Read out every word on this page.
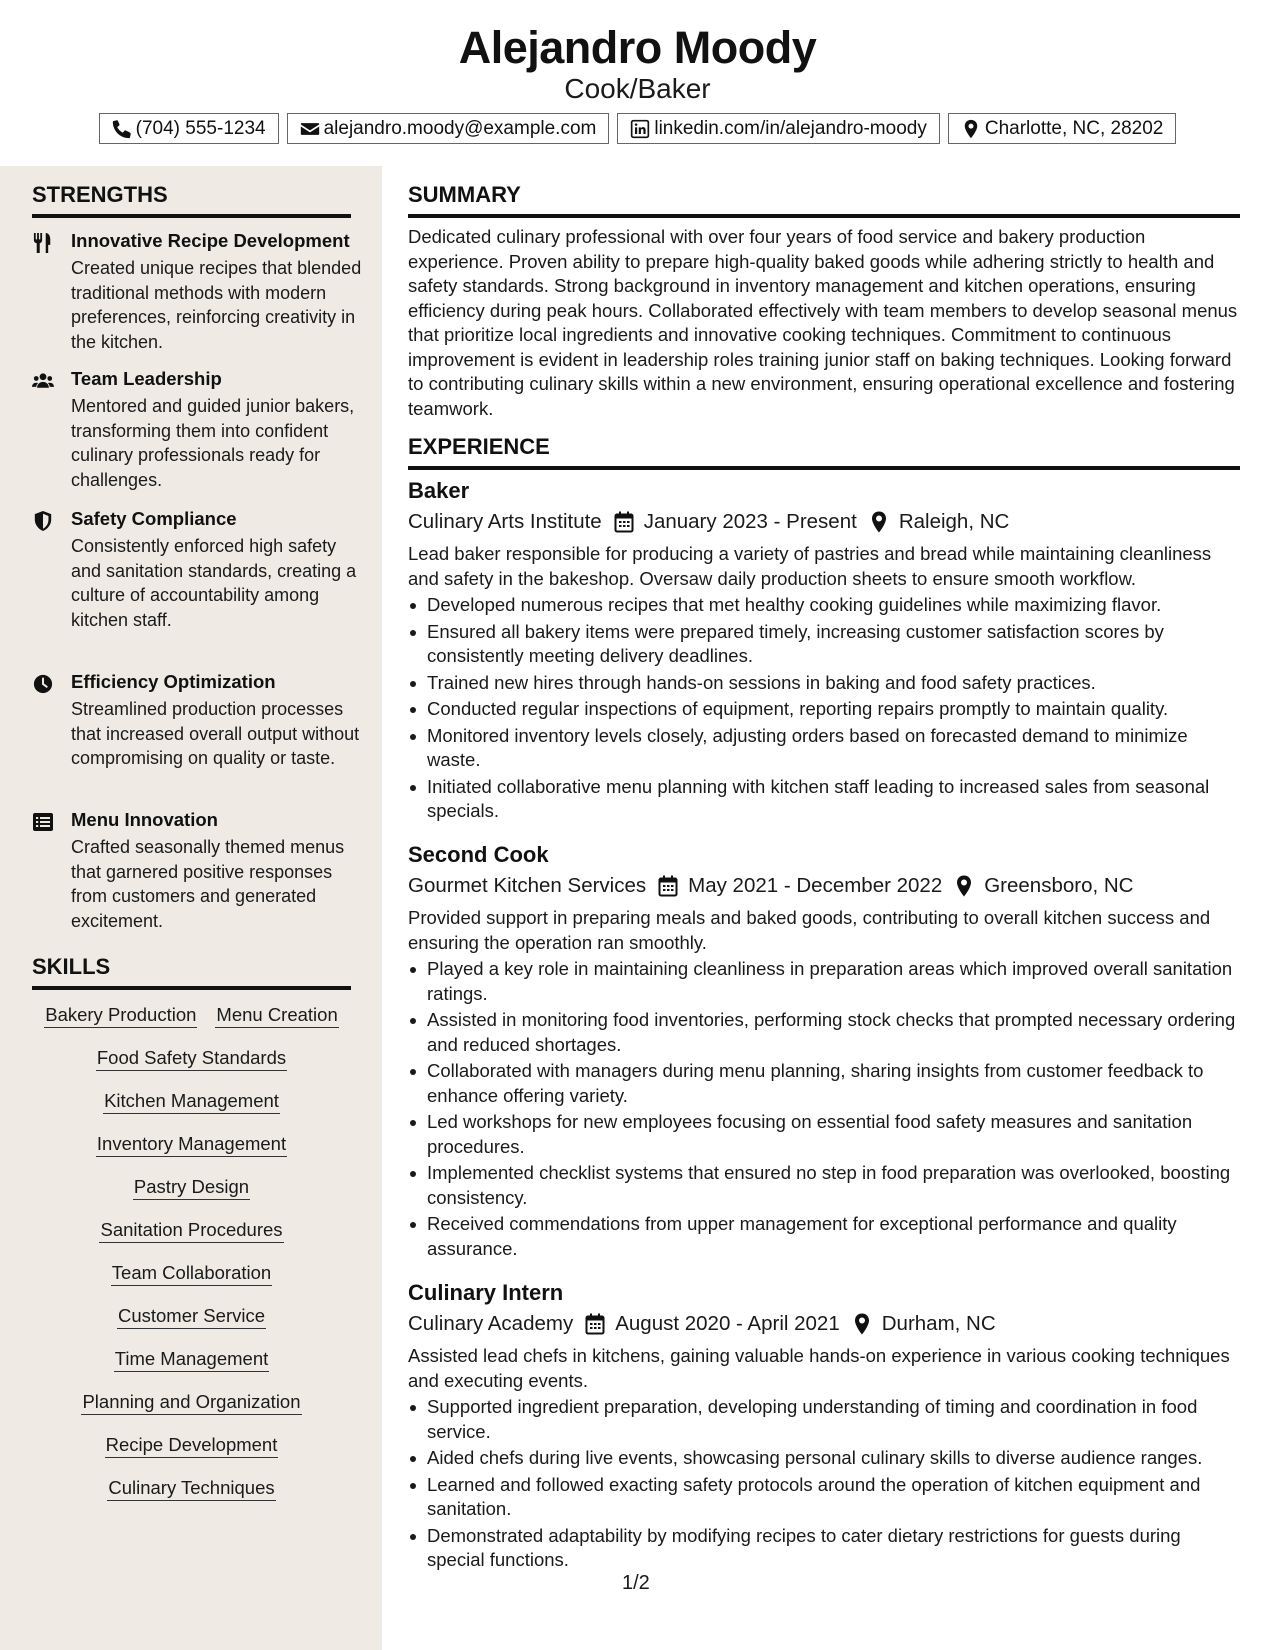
Alejandro Moody
Cook/Baker
(704) 555-1234	alejandro.moody@example.com	linkedin.com/in/alejandro-moody	Charlotte, NC, 28202
STRENGTHS
Innovative Recipe Development
Created unique recipes that blended traditional methods with modern preferences, reinforcing creativity in the kitchen.
Team Leadership
Mentored and guided junior bakers, transforming them into confident culinary professionals ready for challenges.
Safety Compliance
Consistently enforced high safety and sanitation standards, creating a culture of accountability among kitchen staff.
Efficiency Optimization
Streamlined production processes that increased overall output without compromising on quality or taste.
Menu Innovation
Crafted seasonally themed menus that garnered positive responses from customers and generated excitement.
SKILLS
Bakery Production Menu Creation
Food Safety Standards
Kitchen Management
Inventory Management
Pastry Design
Sanitation Procedures
Team Collaboration
Customer Service
Time Management
Planning and Organization
Recipe Development
Culinary Techniques
SUMMARY
Dedicated culinary professional with over four years of food service and bakery production experience. Proven ability to prepare high-quality baked goods while adhering strictly to health and safety standards. Strong background in inventory management and kitchen operations, ensuring efficiency during peak hours. Collaborated effectively with team members to develop seasonal menus that prioritize local ingredients and innovative cooking techniques. Commitment to continuous improvement is evident in leadership roles training junior staff on baking techniques. Looking forward to contributing culinary skills within a new environment, ensuring operational excellence and fostering teamwork.
EXPERIENCE
Baker
Culinary Arts Institute January 2023 - Present Raleigh, NC
Lead baker responsible for producing a variety of pastries and bread while maintaining cleanliness and safety in the bakeshop. Oversaw daily production sheets to ensure smooth workflow.
Developed numerous recipes that met healthy cooking guidelines while maximizing flavor.
Ensured all bakery items were prepared timely, increasing customer satisfaction scores by consistently meeting delivery deadlines.
Trained new hires through hands-on sessions in baking and food safety practices.
Conducted regular inspections of equipment, reporting repairs promptly to maintain quality.
Monitored inventory levels closely, adjusting orders based on forecasted demand to minimize waste.
Initiated collaborative menu planning with kitchen staff leading to increased sales from seasonal specials.
Second Cook
Gourmet Kitchen Services May 2021 - December 2022 Greensboro, NC
Provided support in preparing meals and baked goods, contributing to overall kitchen success and ensuring the operation ran smoothly.
Played a key role in maintaining cleanliness in preparation areas which improved overall sanitation ratings.
Assisted in monitoring food inventories, performing stock checks that prompted necessary ordering and reduced shortages.
Collaborated with managers during menu planning, sharing insights from customer feedback to enhance offering variety.
Led workshops for new employees focusing on essential food safety measures and sanitation procedures.
Implemented checklist systems that ensured no step in food preparation was overlooked, boosting consistency.
Received commendations from upper management for exceptional performance and quality assurance.
Culinary Intern
Culinary Academy August 2020 - April 2021 Durham, NC
Assisted lead chefs in kitchens, gaining valuable hands-on experience in various cooking techniques and executing events.
Supported ingredient preparation, developing understanding of timing and coordination in food service.
Aided chefs during live events, showcasing personal culinary skills to diverse audience ranges.
Learned and followed exacting safety protocols around the operation of kitchen equipment and sanitation.
Demonstrated adaptability by modifying recipes to cater dietary restrictions for guests during special functions.
1/2
